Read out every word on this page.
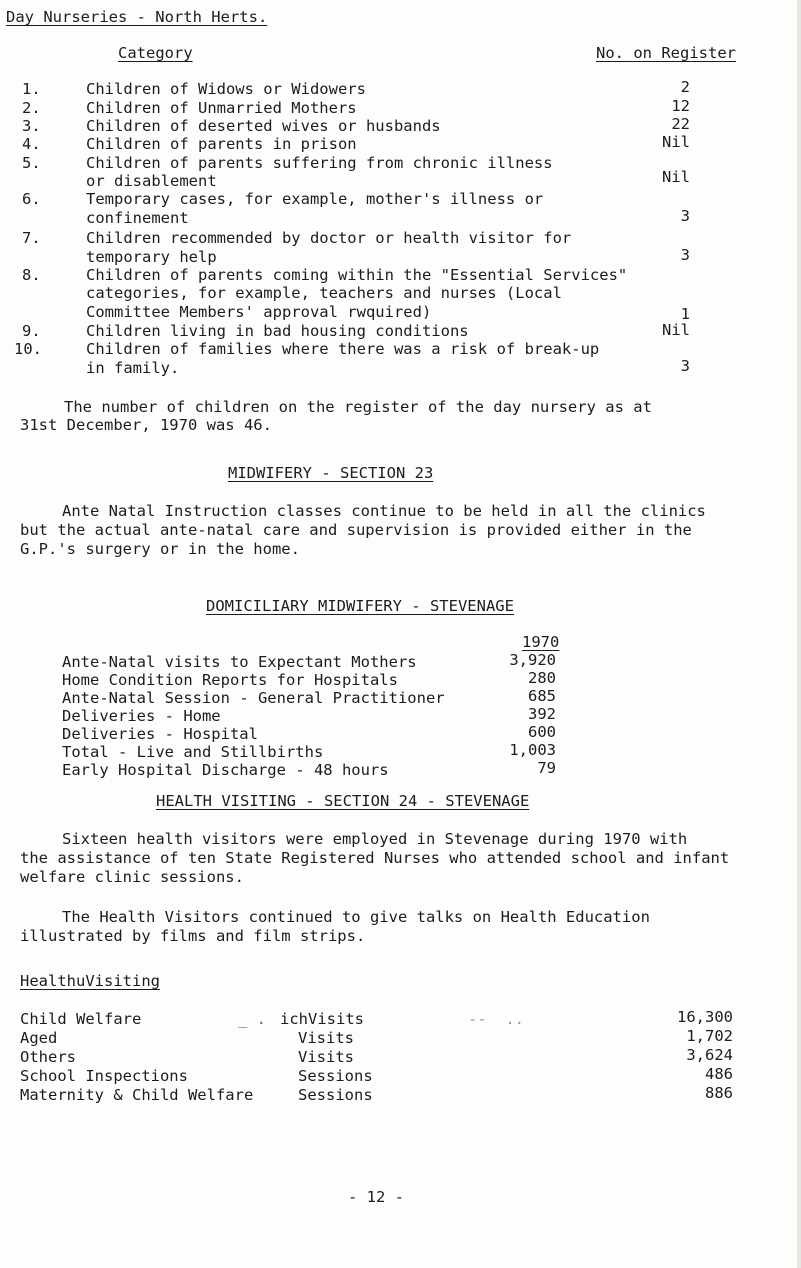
Day Nurseries - North Herts.
Category	No. on Register
1.	Children of Widows or Widowers	2
2.	Children of Unmarried Mothers	12
3.	Children of deserted wives or husbands	22
4.	Children of parents in prison	Nil
5.	Children of parents suffering from chronic illness
or disablement	Nil
6.	Temporary cases, for example, mother's illness or
confinement	3
7.	Children recommended by doctor or health visitor for
temporary help	3
8.	Children of parents coming within the "Essential Services"
categories, for example, teachers and nurses (Local
Committee Members' approval rwquired)	1
9.	Children living in bad housing conditions	Nil
10.	Children of families where there was a risk of break-up
in family.	3
The number of children on the register of the day nursery as at
31st December, 1970 was 46.
MIDWIFERY - SECTION 23
Ante Natal Instruction classes continue to be held in all the clinics
but the actual ante-natal care and supervision is provided either in the
G.P.'s surgery or in the home.
DOMICILIARY MIDWIFERY - STEVENAGE
1970
Ante-Natal visits to Expectant Mothers	3,920
Home Condition Reports for Hospitals	280
Ante-Natal Session - General Practitioner	685
Deliveries - Home	392
Deliveries - Hospital	600
Total - Live and Stillbirths	1,003
Early Hospital Discharge - 48 hours	79
HEALTH VISITING - SECTION 24 - STEVENAGE
Sixteen health visitors were employed in Stevenage during 1970 with
the assistance of ten State Registered Nurses who attended school and infant
welfare clinic sessions.
The Health Visitors continued to give talks on Health Education
illustrated by films and film strips.
HealthuVisiting
Child Welfare	_ . ichVisits	--  ..	16,300
Aged	Visits	1,702
Others	Visits	3,624
School Inspections	Sessions	486
Maternity & Child Welfare	Sessions	886
- 12 -
